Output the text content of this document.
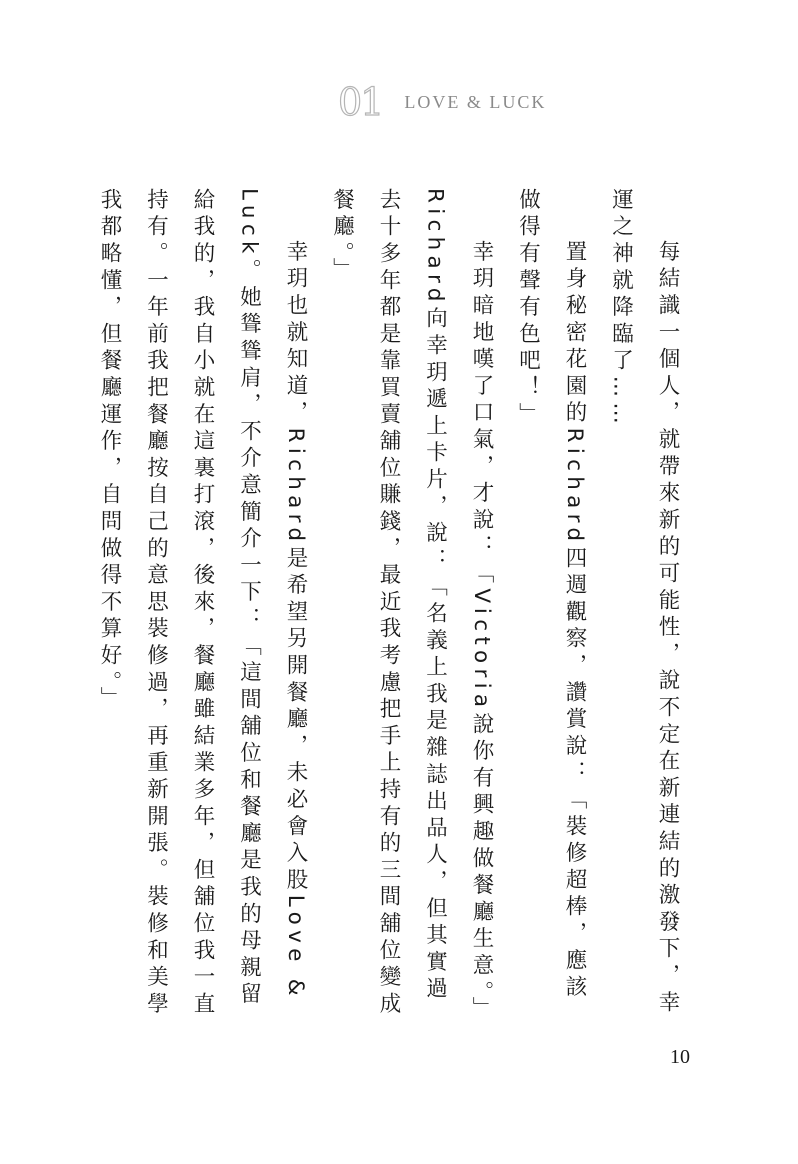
01 LOVE & LUCK

每結識一個人，就帶來新的可能性，說不定在新連結的激發下，幸運之神就降臨了……

置身秘密花園的Richard四週觀察，讚賞說：「裝修超棒，應該做得有聲有色吧！」

幸玥暗地嘆了口氣，才說：「Victoria說你有興趣做餐廳生意。」

Richard向幸玥遞上卡片，說：「名義上我是雜誌出品人，但其實過去十多年都是靠買賣舖位賺錢，最近我考慮把手上持有的三間舖位變成餐廳。」

幸玥也就知道，Richard是希望另開餐廳，未必會入股Love & Luck。她聳聳肩，不介意簡介一下：「這間舖位和餐廳是我的母親留給我的，我自小就在這裏打滾，後來，餐廳雖結業多年，但舖位我一直持有。一年前我把餐廳按自己的意思裝修過，再重新開張。裝修和美學我都略懂，但餐廳運作，自問做得不算好。」

10
